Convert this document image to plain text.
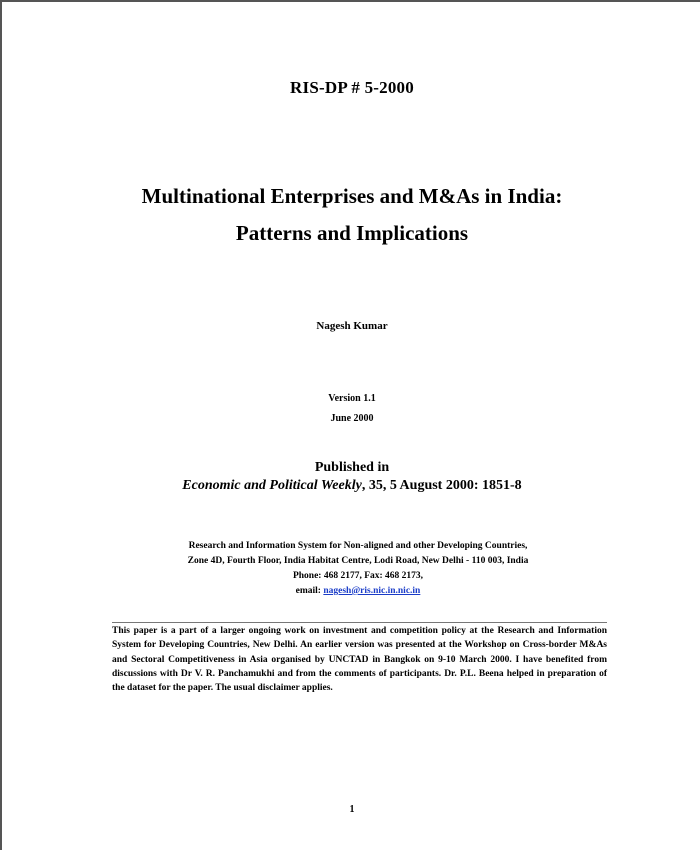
RIS-DP # 5-2000
Multinational Enterprises and M&As in India:
Patterns and Implications
Nagesh Kumar
Version 1.1
June 2000
Published in
Economic and Political Weekly, 35, 5 August 2000: 1851-8
Research and Information System for Non-aligned and other Developing Countries,
Zone 4D, Fourth Floor, India Habitat Centre, Lodi Road, New Delhi - 110 003, India
Phone: 468 2177, Fax: 468 2173,
email: nagesh@ris.nic.in.nic.in
This paper is a part of a larger ongoing work on investment and competition policy at the Research and Information System for Developing Countries, New Delhi. An earlier version was presented at the Workshop on Cross-border M&As and Sectoral Competitiveness in Asia organised by UNCTAD in Bangkok on 9-10 March 2000. I have benefited from discussions with Dr V. R. Panchamukhi and from the comments of participants. Dr. P.L. Beena helped in preparation of the dataset for the paper. The usual disclaimer applies.
1
